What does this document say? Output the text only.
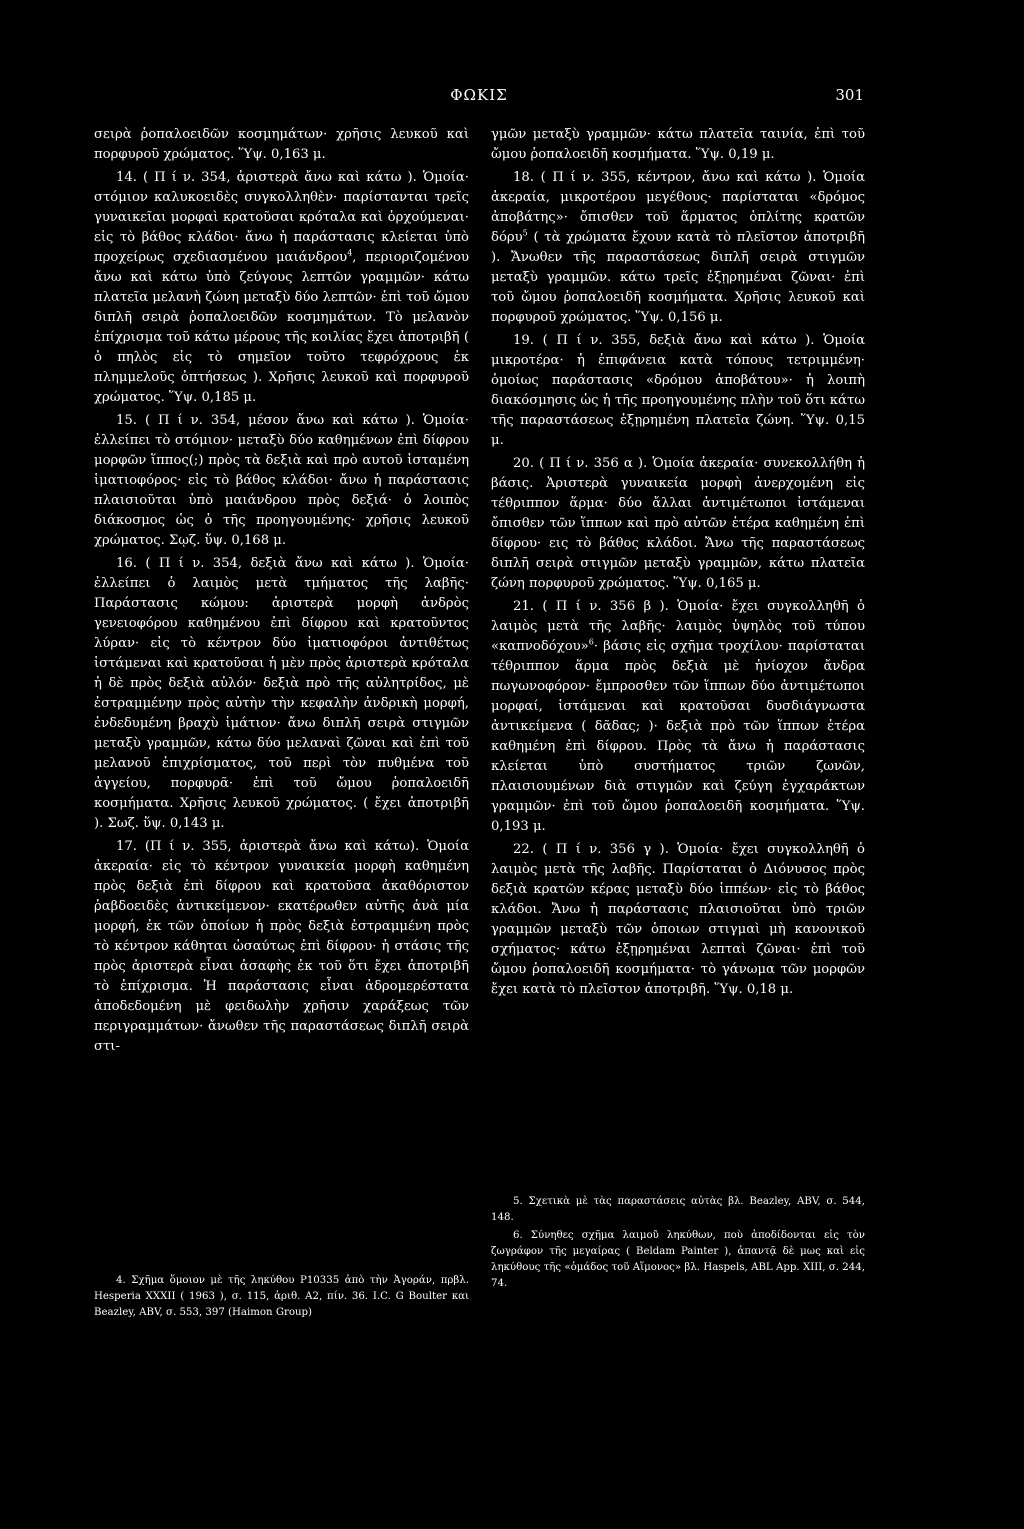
ΦΩΚΙΣ	301

σειρὰ ῥοπαλοειδῶν κοσμημάτων· χρῆσις λευκοῦ καὶ πορφυροῦ χρώματος. Ὕψ. 0,163 μ.

14. ( Π ί ν. 354, ἀριστερὰ ἄνω καὶ κάτω ). Ὁμοία· στόμιον καλυκοειδὲς συγκολληθὲν· παρίστανται τρεῖς γυναικεῖαι μορφαὶ κρατοῦσαι κρόταλα καὶ ὀρχούμεναι· εἰς τὸ βάθος κλάδοι· ἄνω ἡ παράστασις κλείεται ὑπὸ προχείρως σχεδιασμένου μαιάνδρου$^4$, περιοριζομένου ἄνω καὶ κάτω ὑπὸ ζεύγους λεπτῶν γραμμῶν· κάτω πλατεῖα μελανὴ ζώνη μεταξὺ δύο λεπτῶν· ἐπὶ τοῦ ὤμου διπλῆ σειρὰ ῥοπαλοειδῶν κοσμημάτων. Τὸ μελανὸν ἐπίχρισμα τοῦ κάτω μέρους τῆς κοιλίας ἔχει ἀποτριβῆ ( ὁ πηλὸς εἰς τὸ σημεῖον τοῦτο τεφρόχρους ἐκ πλημμελοῦς ὀπτήσεως ). Χρῆσις λευκοῦ καὶ πορφυροῦ χρώματος. Ὕψ. 0,185 μ.

15. ( Π ί ν. 354, μέσον ἄνω καὶ κάτω ). Ὁμοία· ἐλλείπει τὸ στόμιον· μεταξὺ δύο καθημένων ἐπὶ δίφρου μορφῶν ἵππος(;) πρὸς τὰ δεξιὰ καὶ πρὸ αυτοῦ ἱσταμένη ἱματιοφόρος· εἰς τὸ βάθος κλάδοι· ἄνω ἡ παράστασις πλαισιοῦται ὑπὸ μαιάνδρου πρὸς δεξιά· ὁ λοιπὸς διάκοσμος ὡς ὁ τῆς προηγουμένης· χρῆσις λευκοῦ χρώματος. Σῳζ. ὕψ. 0,168 μ.

16. ( Π ί ν. 354, δεξιὰ ἄνω καὶ κάτω ). Ὁμοία· ἐλλείπει ὁ λαιμὸς μετὰ τμήματος τῆς λαβῆς· Παράστασις κώμου: ἀριστερὰ μορφὴ ἀνδρὸς γενειοφόρου καθημένου ἐπὶ δίφρου καὶ κρατοῦντος λύραν· εἰς τὸ κέντρον δύο ἱματιοφόροι ἀντιθέτως ἱστάμεναι καὶ κρατοῦσαι ἡ μὲν πρὸς ἀριστερὰ κρόταλα ἡ δὲ πρὸς δεξιὰ αὐλόν· δεξιὰ πρὸ τῆς αὐλητρίδος, μὲ ἐστραμμένην πρὸς αὐτὴν τὴν κεφαλὴν ἀνδρικὴ μορφή, ἐνδεδυμένη βραχὺ ἱμάτιον· ἄνω διπλῆ σειρὰ στιγμῶν μεταξὺ γραμμῶν, κάτω δύο μελαναὶ ζῶναι καὶ ἐπὶ τοῦ μελανοῦ ἐπιχρίσματος, τοῦ περὶ τὸν πυθμένα τοῦ ἀγγείου, πορφυρᾶ· ἐπὶ τοῦ ὤμου ῥοπαλοειδῆ κοσμήματα. Χρῆσις λευκοῦ χρώματος. ( ἔχει ἀποτριβῆ ). Σωζ. ὕψ. 0,143 μ.

17. (Π ί ν. 355, ἀριστερὰ ἄνω καὶ κάτω). Ὁμοία ἀκεραία· εἰς τὸ κέντρον γυναικεία μορφὴ καθημένη πρὸς δεξιὰ ἐπὶ δίφρου καὶ κρατοῦσα ἀκαθόριστον ῥαβδοειδὲς ἀντικείμενον· εκατέρωθεν αὐτῆς ἀνὰ μία μορφή, ἐκ τῶν ὁποίων ἡ πρὸς δεξιὰ ἐστραμμένη πρὸς τὸ κέντρον κάθηται ὡσαύτως ἐπὶ δίφρου· ἡ στάσις τῆς πρὸς ἀριστερὰ εἶναι ἀσαφὴς ἐκ τοῦ ὅτι ἔχει ἀποτριβῆ τὸ ἐπίχρισμα. Ἡ παράστασις εἶναι ἀδρομερέστατα ἀποδεδομένη μὲ φειδωλὴν χρῆσιν χαράξεως τῶν περιγραμμάτων· ἄνωθεν τῆς παραστάσεως διπλῆ σειρὰ στι-

4. Σχῆμα ὅμοιον μὲ τῆς ληκύθου P10335 ἀπὸ τὴν Ἀγοράν, πρβλ. Hesperia XXXII ( 1963 ), σ. 115, ἀριθ. A2, πίν. 36. I.C. G Boulter και Beazley, ABV, σ. 553, 397 (Haimon Group)

γμῶν μεταξὺ γραμμῶν· κάτω πλατεῖα ταινία, ἐπὶ τοῦ ὤμου ῥοπαλοειδῆ κοσμήματα. Ὕψ. 0,19 μ.

18. ( Π ί ν. 355, κέντρον, ἄνω καὶ κάτω ). Ὁμοία ἀκεραία, μικροτέρου μεγέθους· παρίσταται «δρόμος ἀποβάτης»· ὄπισθεν τοῦ ἅρματος ὁπλίτης κρατῶν δόρυ$^5$ ( τὰ χρώματα ἔχουν κατὰ τὸ πλεῖστον ἀποτριβῆ ). Ἄνωθεν τῆς παραστάσεως διπλῆ σειρὰ στιγμῶν μεταξὺ γραμμῶν. κάτω τρεῖς ἐξῃρημέναι ζῶναι· ἐπὶ τοῦ ὤμου ῥοπαλοειδῆ κοσμήματα. Χρῆσις λευκοῦ καὶ πορφυροῦ χρώματος. Ὕψ. 0,156 μ.

19. ( Π ί ν. 355, δεξιὰ ἄνω καὶ κάτω ). Ὁμοία μικροτέρα· ἡ ἐπιφάνεια κατὰ τόπους τετριμμένη· ὁμοίως παράστασις «δρόμου ἀποβάτου»· ἡ λοιπὴ διακόσμησις ὡς ἡ τῆς προηγουμένης πλὴν τοῦ ὅτι κάτω τῆς παραστάσεως ἐξῃρημένη πλατεῖα ζώνη. Ὕψ. 0,15 μ.

20. ( Π ί ν. 356 α ). Ὁμοία ἀκεραία· συνεκολλήθη ἡ βάσις. Ἀριστερὰ γυναικεία μορφὴ ἀνερχομένη εἰς τέθριππον ἅρμα· δύο ἄλλαι ἀντιμέτωποι ἱστάμεναι ὄπισθεν τῶν ἵππων καὶ πρὸ αὐτῶν ἑτέρα καθημένη ἐπὶ δίφρου· εις τὸ βάθος κλάδοι. Ἄνω τῆς παραστάσεως διπλῆ σειρὰ στιγμῶν μεταξὺ γραμμῶν, κάτω πλατεῖα ζώνη πορφυροῦ χρώματος. Ὕψ. 0,165 μ.

21. ( Π ί ν. 356 β ). Ὁμοία· ἔχει συγκολληθῆ ὁ λαιμὸς μετὰ τῆς λαβῆς· λαιμὸς ὑψηλὸς τοῦ τύπου «καπνοδόχου»$^6$· βάσις εἰς σχῆμα τροχίλου· παρίσταται τέθριππον ἅρμα πρὸς δεξιὰ μὲ ἡνίοχον ἄνδρα πωγωνοφόρον· ἔμπροσθεν τῶν ἵππων δύο ἀντιμέτωποι μορφαί, ἱστάμεναι καὶ κρατοῦσαι δυσδιάγνωστα ἀντικείμενα ( δᾶδας; )· δεξιὰ πρὸ τῶν ἵππων ἑτέρα καθημένη ἐπὶ δίφρου. Πρὸς τὰ ἄνω ἡ παράστασις κλείεται ὑπὸ συστήματος τριῶν ζωνῶν, πλαισιουμένων διὰ στιγμῶν καὶ ζεύγη ἐγχαράκτων γραμμῶν· ἐπὶ τοῦ ὤμου ῥοπαλοειδῆ κοσμήματα. Ὕψ. 0,193 μ.

22. ( Π ί ν. 356 γ ). Ὁμοία· ἔχει συγκολληθῆ ὁ λαιμὸς μετὰ τῆς λαβῆς. Παρίσταται ὁ Διόνυσος πρὸς δεξιὰ κρατῶν κέρας μεταξὺ δύο ἱππέων· εἰς τὸ βάθος κλάδοι. Ἄνω ἡ παράστασις πλαισιοῦται ὑπὸ τριῶν γραμμῶν μεταξὺ τῶν ὁποιων στιγμαὶ μὴ κανονικοῦ σχήματος· κάτω ἐξῃρημέναι λεπταὶ ζῶναι· ἐπὶ τοῦ ὤμου ῥοπαλοειδῆ κοσμήματα· τὸ γάνωμα τῶν μορφῶν ἔχει κατὰ τὸ πλεῖστον ἀποτριβῆ. Ὕψ. 0,18 μ.

5. Σχετικὰ μὲ τὰς παραστάσεις αὐτὰς βλ. Beazley, ABV, σ. 544, 148.

6. Σύνηθες σχῆμα λαιμοῦ ληκύθων, ποὺ ἀποδίδονται εἰς τὸν ζωγράφον τῆς μεγαίρας ( Beldam Painter ), ἀπαντᾷ δὲ μως καὶ εἰς ληκύθους τῆς «ὁμάδος τοῦ Αἵμονος» βλ. Haspels, ABL App. XIII, σ. 244, 74.
